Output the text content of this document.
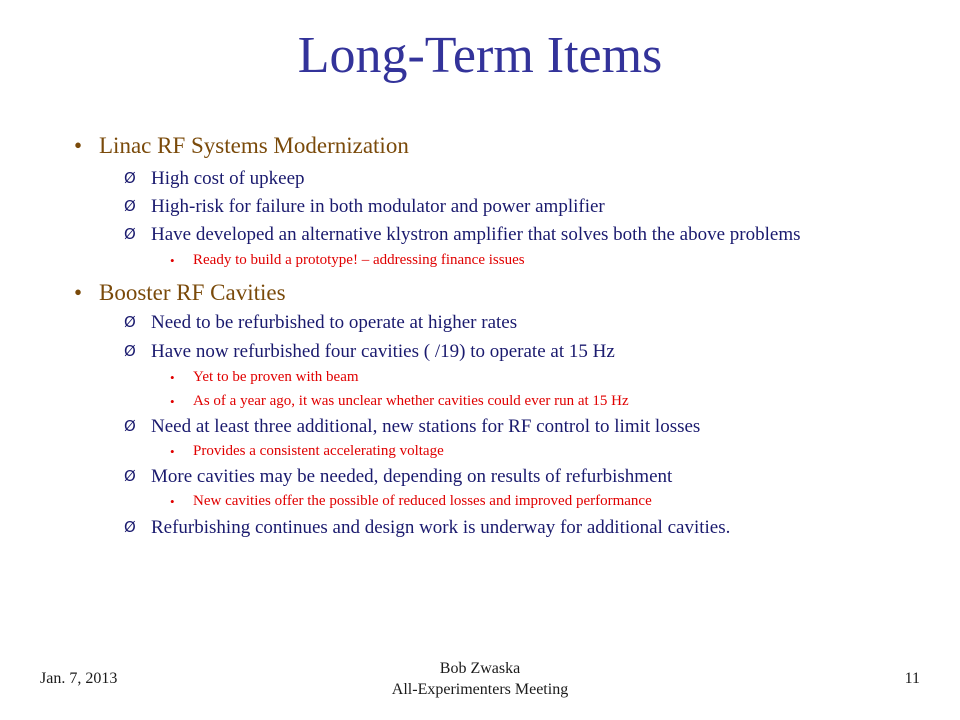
Long-Term Items
• Linac RF Systems Modernization
Ø High cost of upkeep
Ø High-risk for failure in both modulator and power amplifier
Ø Have developed an alternative klystron amplifier that solves both the above problems
• Ready to build a prototype! – addressing finance issues
• Booster RF Cavities
Ø Need to be refurbished to operate at higher rates
Ø Have now refurbished four cavities ( /19) to operate at 15 Hz
• Yet to be proven with beam
• As of a year ago, it was unclear whether cavities could ever run at 15 Hz
Ø Need at least three additional, new stations for RF control to limit losses
• Provides a consistent accelerating voltage
Ø More cavities may be needed, depending on results of refurbishment
• New cavities offer the possible of reduced losses and improved performance
Ø Refurbishing continues and design work is underway for additional cavities.
Jan. 7, 2013
Bob Zwaska
All-Experimenters Meeting
11
